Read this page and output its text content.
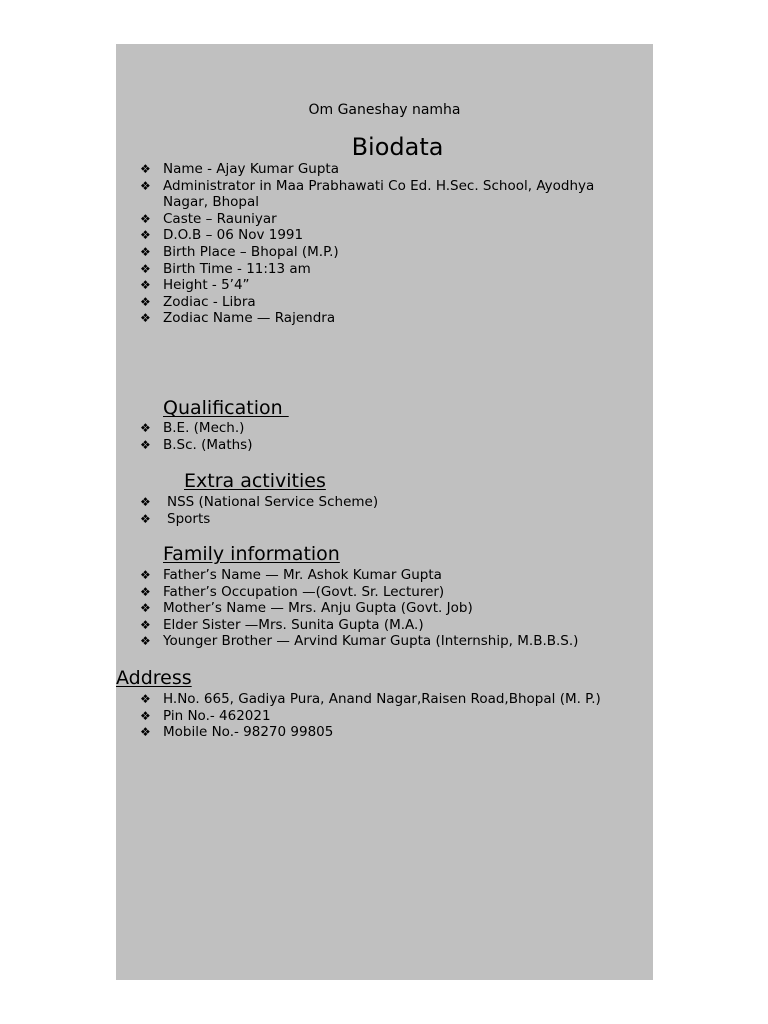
Om Ganeshay namha
Biodata
❖ Name - Ajay Kumar Gupta
❖ Administrator in Maa Prabhawati Co Ed. H.Sec. School, Ayodhya Nagar, Bhopal
❖ Caste – Rauniyar
❖ D.O.B – 06 Nov 1991
❖ Birth Place – Bhopal (M.P.)
❖ Birth Time - 11:13 am
❖ Height - 5’4”
❖ Zodiac - Libra
❖ Zodiac Name — Rajendra
Qualification
❖ B.E. (Mech.)
❖ B.Sc. (Maths)
Extra activities
❖ NSS (National Service Scheme)
❖ Sports
Family information
❖ Father’s Name — Mr. Ashok Kumar Gupta
❖ Father’s Occupation —(Govt. Sr. Lecturer)
❖ Mother’s Name — Mrs. Anju Gupta (Govt. Job)
❖ Elder Sister —Mrs. Sunita Gupta (M.A.)
❖ Younger Brother — Arvind Kumar Gupta (Internship, M.B.B.S.)
Address
❖ H.No. 665, Gadiya Pura, Anand Nagar,Raisen Road,Bhopal (M. P.)
❖ Pin No.- 462021
❖ Mobile No.- 98270 99805
